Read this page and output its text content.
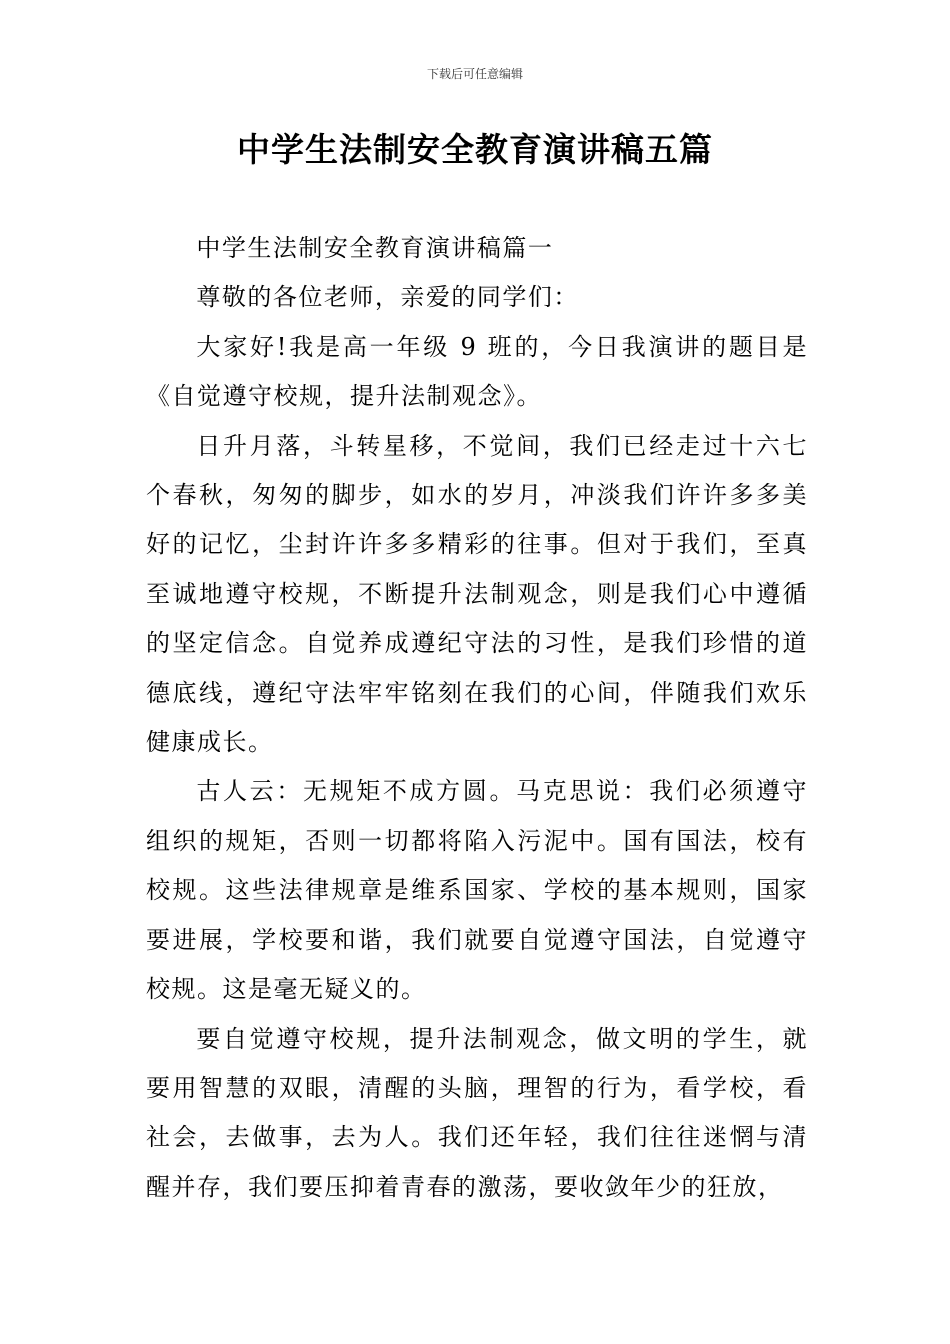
下载后可任意编辑
中学生法制安全教育演讲稿五篇

中学生法制安全教育演讲稿篇一

尊敬的各位老师，亲爱的同学们：

大家好!我是高一年级 9 班的，今日我演讲的题目是《自觉遵守校规，提升法制观念》。

日升月落，斗转星移，不觉间，我们已经走过十六七个春秋，匆匆的脚步，如水的岁月，冲淡我们许许多多美好的记忆，尘封许许多多精彩的往事。但对于我们，至真至诚地遵守校规，不断提升法制观念，则是我们心中遵循的坚定信念。自觉养成遵纪守法的习性，是我们珍惜的道德底线，遵纪守法牢牢铭刻在我们的心间，伴随我们欢乐健康成长。

古人云：无规矩不成方圆。马克思说：我们必须遵守组织的规矩，否则一切都将陷入污泥中。国有国法，校有校规。这些法律规章是维系国家、学校的基本规则，国家要进展，学校要和谐，我们就要自觉遵守国法，自觉遵守校规。这是毫无疑义的。

要自觉遵守校规，提升法制观念，做文明的学生，就要用智慧的双眼，清醒的头脑，理智的行为，看学校，看社会，去做事，去为人。我们还年轻，我们往往迷惘与清醒并存，我们要压抑着青春的激荡，要收敛年少的狂放，
